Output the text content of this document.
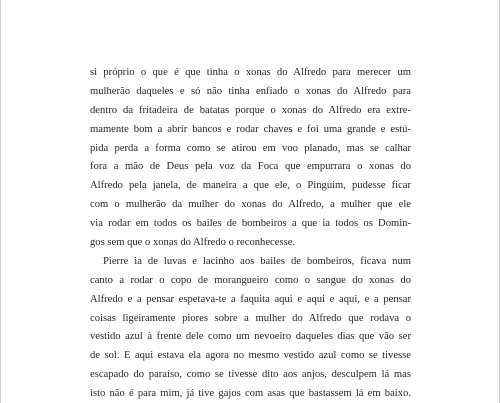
si próprio o que é que tinha o xonas do Alfredo para merecer um
mulherão daqueles e só não tinha enfiado o xonas do Alfredo para
dentro da fritadeira de batatas porque o xonas do Alfredo era extre-
mamente bom a abrir bancos e rodar chaves e foi uma grande e estú-
pida perda a forma como se atirou em voo planado, mas se calhar
fora a mão de Deus pela voz da Foca que empurrara o xonas do
Alfredo pela janela, de maneira a que ele, o Pinguim, pudesse ficar
com o mulherão da mulher do xonas do Alfredo, a mulher que ele
via rodar em todos os bailes de bombeiros a que ia todos os Domin-
gos sem que o xonas do Alfredo o reconhecesse.
Pierre ia de luvas e lacinho aos bailes de bombeiros, ficava num
canto a rodar o copo de morangueiro como o sangue do xonas do
Alfredo e a pensar espetava-te a faquita aqui e aqui e aqui, e a pensar
coisas ligeiramente piores sobre a mulher do Alfredo que rodava o
vestido azul à frente dele como um nevoeiro daqueles dias que vão ser
de sol. E aqui estava ela agora no mesmo vestido azul como se tivesse
escapado do paraíso, como se tivesse dito aos anjos, desculpem lá mas
isto não é para mim, já tive gajos com asas que bastassem lá em baixo.
